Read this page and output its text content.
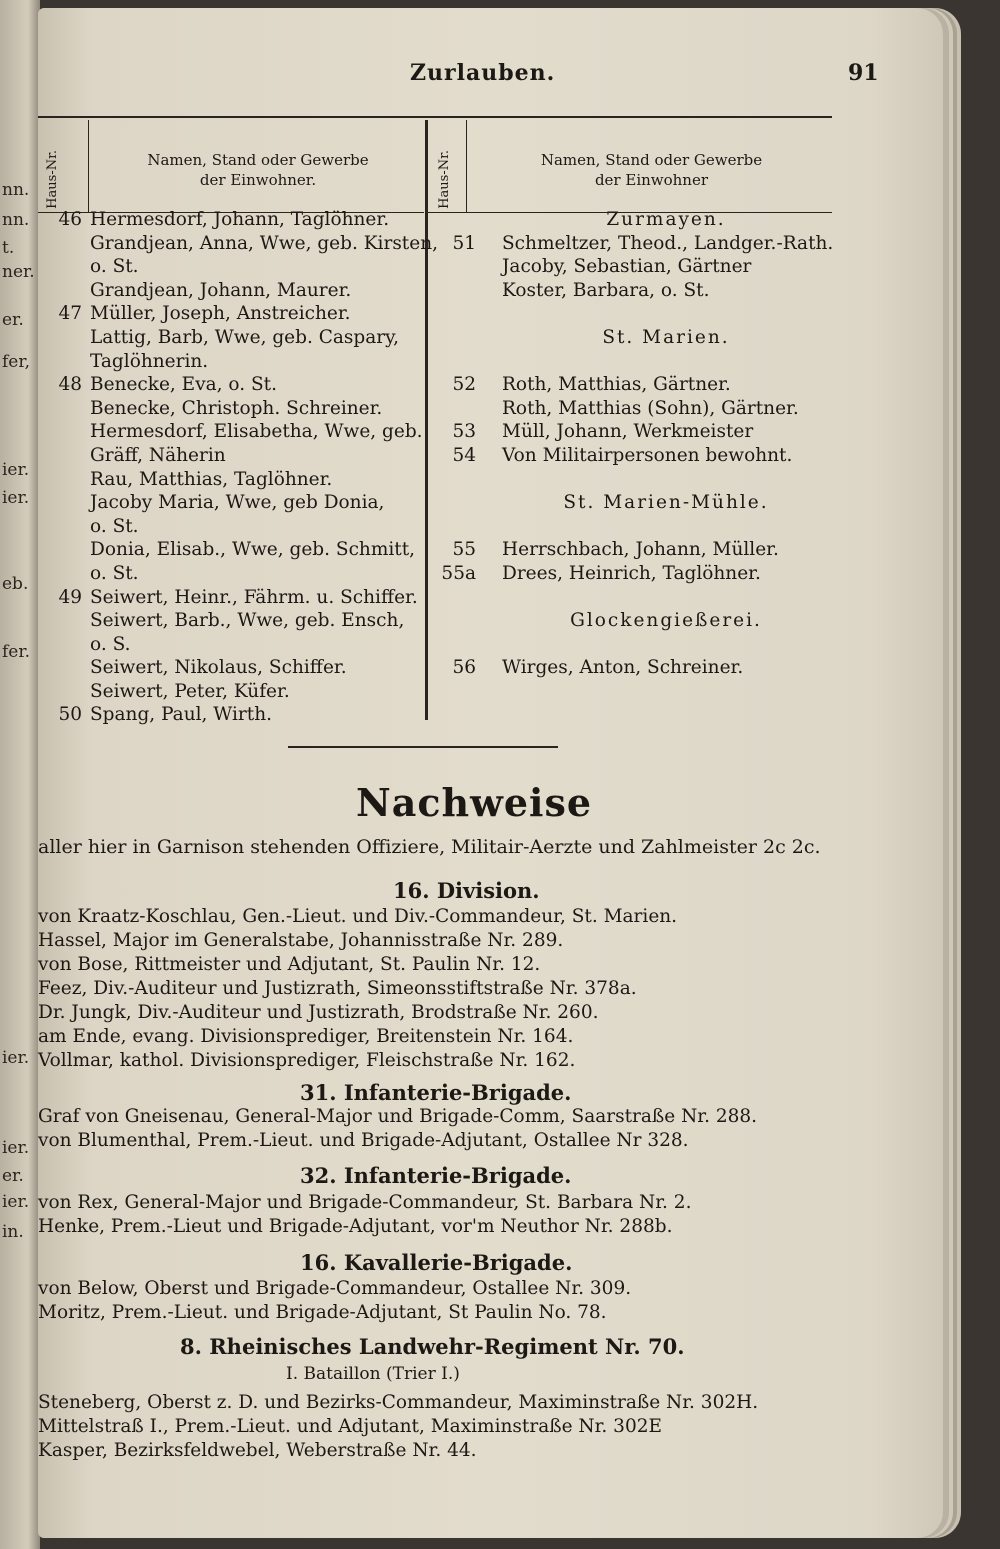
nn.
nn.
t.
ner.
er.
fer,
ier.
ier.
eb.
fer.
ier.
ier.
er.
ier.
in.
Zurlauben.	91
Haus-Nr.	Namen, Stand oder Gewerbe
der Einwohner.	Haus-Nr.	Namen, Stand oder Gewerbe
der Einwohner
46 Hermesdorf, Johann, Taglöhner.
Grandjean, Anna, Wwe, geb. Kirsten,
o. St.
Grandjean, Johann, Maurer.
47 Müller, Joseph, Anstreicher.
Lattig, Barb, Wwe, geb. Caspary,
Taglöhnerin.
48 Benecke, Eva, o. St.
Benecke, Christoph. Schreiner.
Hermesdorf, Elisabetha, Wwe, geb.
Gräff, Näherin
Rau, Matthias, Taglöhner.
Jacoby Maria, Wwe, geb Donia,
o. St.
Donia, Elisab., Wwe, geb. Schmitt,
o. St.
49 Seiwert, Heinr., Fährm. u. Schiffer.
Seiwert, Barb., Wwe, geb. Ensch,
o. S.
Seiwert, Nikolaus, Schiffer.
Seiwert, Peter, Küfer.
50 Spang, Paul, Wirth.
Zurmayen.
51 Schmeltzer, Theod., Landger.-Rath.
Jacoby, Sebastian, Gärtner
Koster, Barbara, o. St.
St. Marien.
52 Roth, Matthias, Gärtner.
Roth, Matthias (Sohn), Gärtner.
53 Müll, Johann, Werkmeister
54 Von Militairpersonen bewohnt.
St. Marien-Mühle.
55 Herrschbach, Johann, Müller.
55a Drees, Heinrich, Taglöhner.
Glockengießerei.
56 Wirges, Anton, Schreiner.
Nachweise
aller hier in Garnison stehenden Offiziere, Militair-Aerzte und Zahlmeister 2c 2c.
16. Division.
von Kraatz-Koschlau, Gen.-Lieut. und Div.-Commandeur, St. Marien.
Hassel, Major im Generalstabe, Johannisstraße Nr. 289.
von Bose, Rittmeister und Adjutant, St. Paulin Nr. 12.
Feez, Div.-Auditeur und Justizrath, Simeonsstiftstraße Nr. 378a.
Dr. Jungk, Div.-Auditeur und Justizrath, Brodstraße Nr. 260.
am Ende, evang. Divisionsprediger, Breitenstein Nr. 164.
Vollmar, kathol. Divisionsprediger, Fleischstraße Nr. 162.
31. Infanterie-Brigade.
Graf von Gneisenau, General-Major und Brigade-Comm, Saarstraße Nr. 288.
von Blumenthal, Prem.-Lieut. und Brigade-Adjutant, Ostallee Nr 328.
32. Infanterie-Brigade.
von Rex, General-Major und Brigade-Commandeur, St. Barbara Nr. 2.
Henke, Prem.-Lieut und Brigade-Adjutant, vor'm Neuthor Nr. 288b.
16. Kavallerie-Brigade.
von Below, Oberst und Brigade-Commandeur, Ostallee Nr. 309.
Moritz, Prem.-Lieut. und Brigade-Adjutant, St Paulin No. 78.
8. Rheinisches Landwehr-Regiment Nr. 70.
I. Bataillon (Trier I.)
Steneberg, Oberst z. D. und Bezirks-Commandeur, Maximinstraße Nr. 302H.
Mittelstraß I., Prem.-Lieut. und Adjutant, Maximinstraße Nr. 302E
Kasper, Bezirksfeldwebel, Weberstraße Nr. 44.
